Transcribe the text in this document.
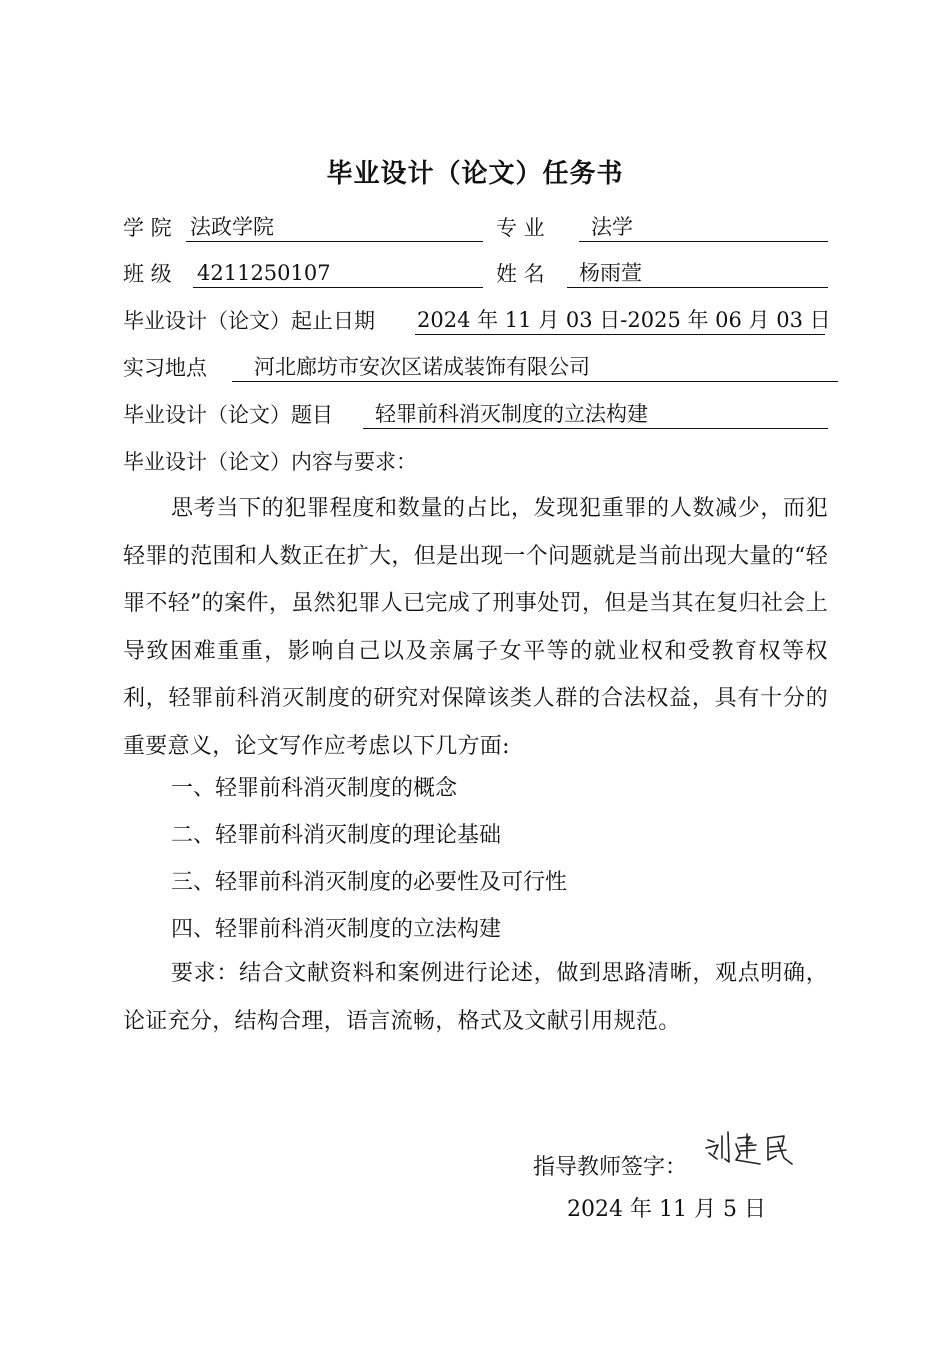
毕业设计（论文）任务书
学 院 法政学院	专 业	法学
班 级 4211250107	姓 名	杨雨萱
毕业设计（论文）起止日期 2024 年 11 月 03 日-2025 年 06 月 03 日
实习地点	河北廊坊市安次区诺成装饰有限公司
毕业设计（论文）题目	轻罪前科消灭制度的立法构建
毕业设计（论文）内容与要求：
思考当下的犯罪程度和数量的占比，发现犯重罪的人数减少，而犯轻罪的范围和人数正在扩大，但是出现一个问题就是当前出现大量的“轻罪不轻”的案件，虽然犯罪人已完成了刑事处罚，但是当其在复归社会上导致困难重重，影响自己以及亲属子女平等的就业权和受教育权等权利，轻罪前科消灭制度的研究对保障该类人群的合法权益，具有十分的重要意义，论文写作应考虑以下几方面:
一、轻罪前科消灭制度的概念
二、轻罪前科消灭制度的理论基础
三、轻罪前科消灭制度的必要性及可行性
四、轻罪前科消灭制度的立法构建
要求：结合文献资料和案例进行论述，做到思路清晰，观点明确，论证充分，结构合理，语言流畅，格式及文献引用规范。
指导教师签字：
2024 年 11 月 5 日
